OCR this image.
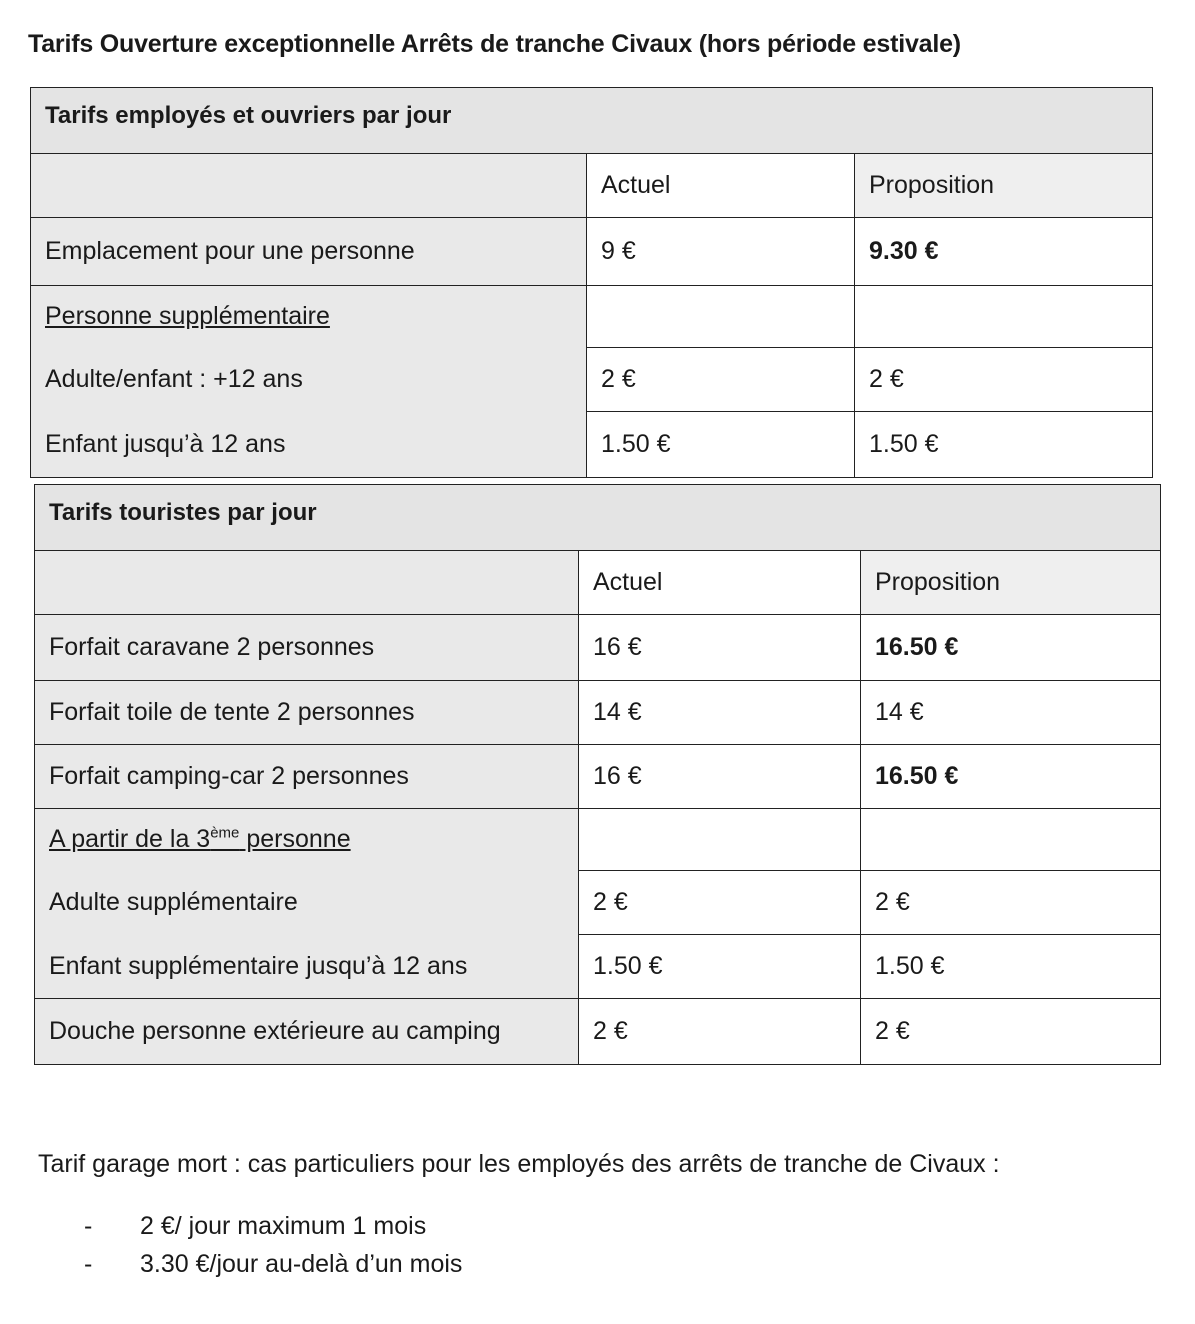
Tarifs Ouverture exceptionnelle Arrêts de tranche Civaux (hors période estivale)
Tarifs employés et ouvriers par jour		
	Actuel	Proposition
Emplacement pour une personne	9 €	9.30 €
Personne supplémentaire		
Adulte/enfant : +12 ans	2 €	2 €
Enfant jusqu’à 12 ans	1.50 €	1.50 €
Tarifs touristes par jour		
	Actuel	Proposition
Forfait caravane 2 personnes	16 €	16.50 €
Forfait toile de tente 2 personnes	14 €	14 €
Forfait camping-car 2 personnes	16 €	16.50 €
A partir de la 3ème personne		
Adulte supplémentaire	2 €	2 €
Enfant supplémentaire jusqu’à 12 ans	1.50 €	1.50 €
Douche personne extérieure au camping	2 €	2 €
Tarif garage mort : cas particuliers pour les employés des arrêts de tranche de Civaux :
- 2 €/ jour maximum 1 mois
- 3.30 €/jour au-delà d’un mois
